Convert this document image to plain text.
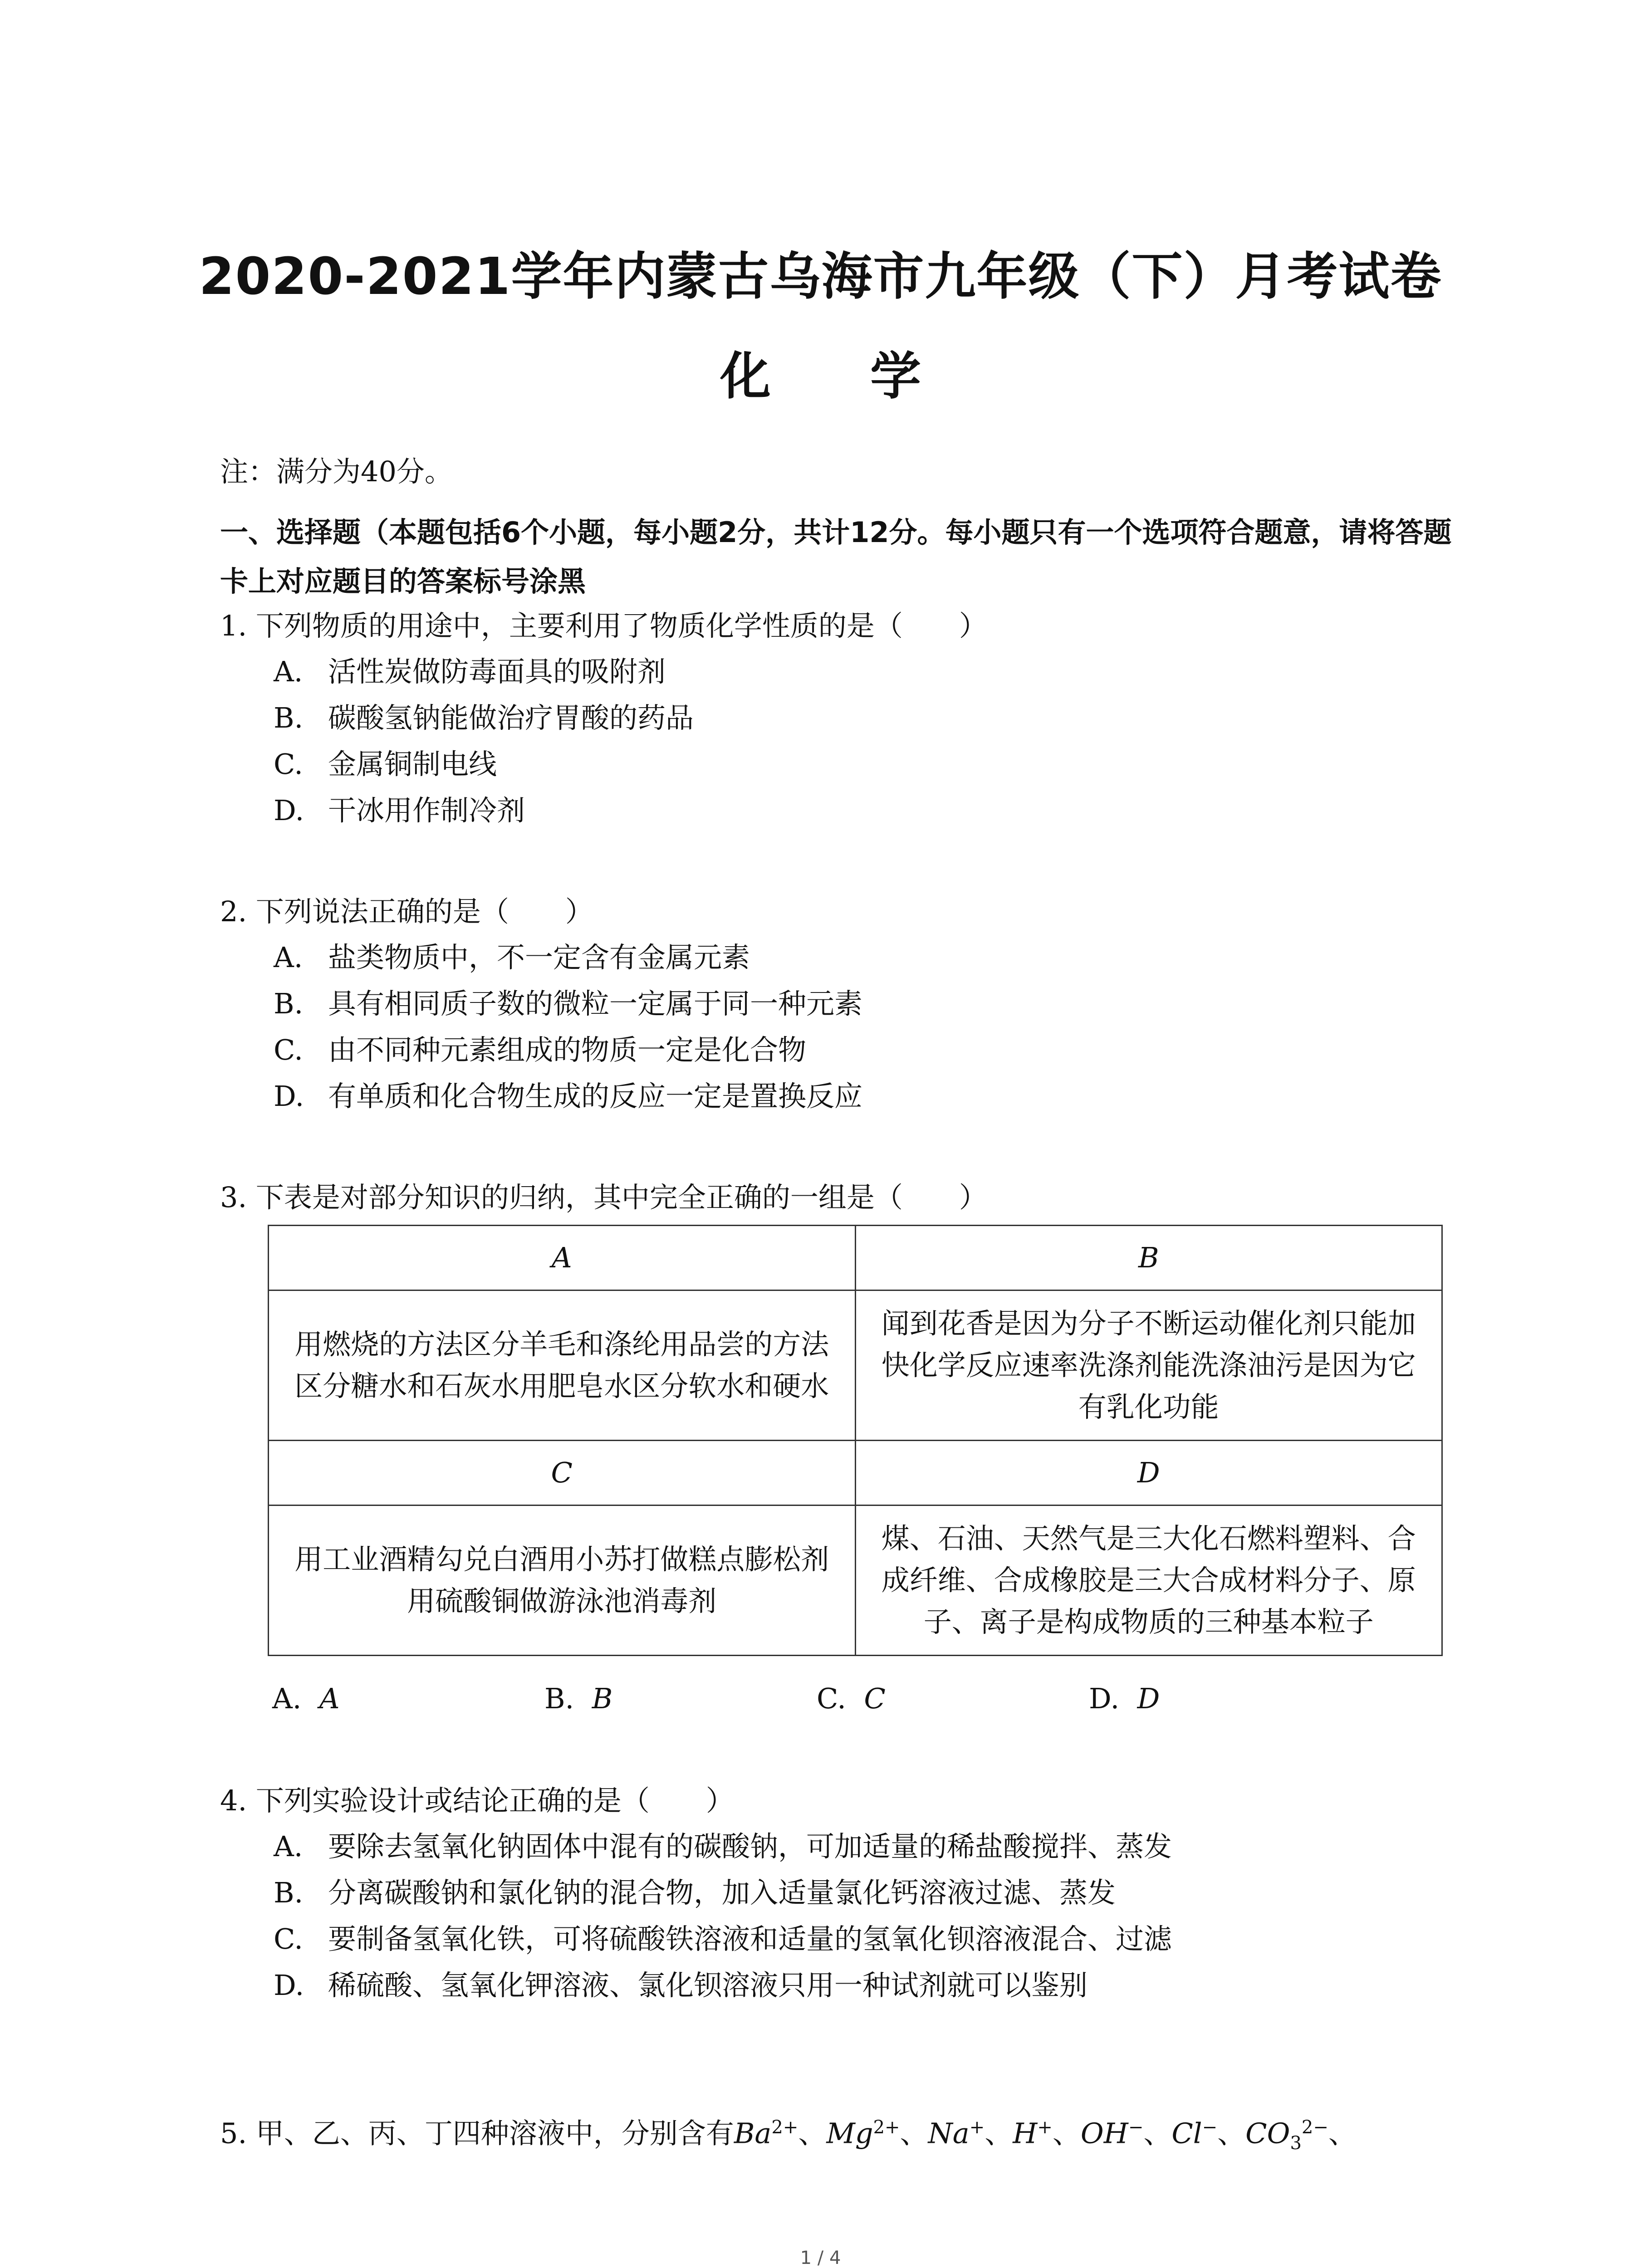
2020-2021学年内蒙古乌海市九年级（下）月考试卷
化 学
注：满分为40分。
一、选择题（本题包括6个小题，每小题2分，共计12分。每小题只有一个选项符合题意，请将答题卡上对应题目的答案标号涂黑
1. 下列物质的用途中，主要利用了物质化学性质的是（　　）
A. 活性炭做防毒面具的吸附剂
B. 碳酸氢钠能做治疗胃酸的药品
C. 金属铜制电线
D. 干冰用作制冷剂
2. 下列说法正确的是（　　）
A. 盐类物质中，不一定含有金属元素
B. 具有相同质子数的微粒一定属于同一种元素
C. 由不同种元素组成的物质一定是化合物
D. 有单质和化合物生成的反应一定是置换反应
3. 下表是对部分知识的归纳，其中完全正确的一组是（　　）
A	B
用燃烧的方法区分羊毛和涤纶用品尝的方法区分糖水和石灰水用肥皂水区分软水和硬水	闻到花香是因为分子不断运动催化剂只能加快化学反应速率洗涤剂能洗涤油污是因为它有乳化功能
C	D
用工业酒精勾兑白酒用小苏打做糕点膨松剂用硫酸铜做游泳池消毒剂	煤、石油、天然气是三大化石燃料塑料、合成纤维、合成橡胶是三大合成材料分子、原子、离子是构成物质的三种基本粒子
A. A	B. B	C. C	D. D
4. 下列实验设计或结论正确的是（　　）
A. 要除去氢氧化钠固体中混有的碳酸钠，可加适量的稀盐酸搅拌、蒸发
B. 分离碳酸钠和氯化钠的混合物，加入适量氯化钙溶液过滤、蒸发
C. 要制备氢氧化铁，可将硫酸铁溶液和适量的氢氧化钡溶液混合、过滤
D. 稀硫酸、氢氧化钾溶液、氯化钡溶液只用一种试剂就可以鉴别
5. 甲、乙、丙、丁四种溶液中，分别含有$Ba^{2+}$、$Mg^{2+}$、Na+、H+、OH−、Cl−、$CO_3^{2-}$、
1 / 4
